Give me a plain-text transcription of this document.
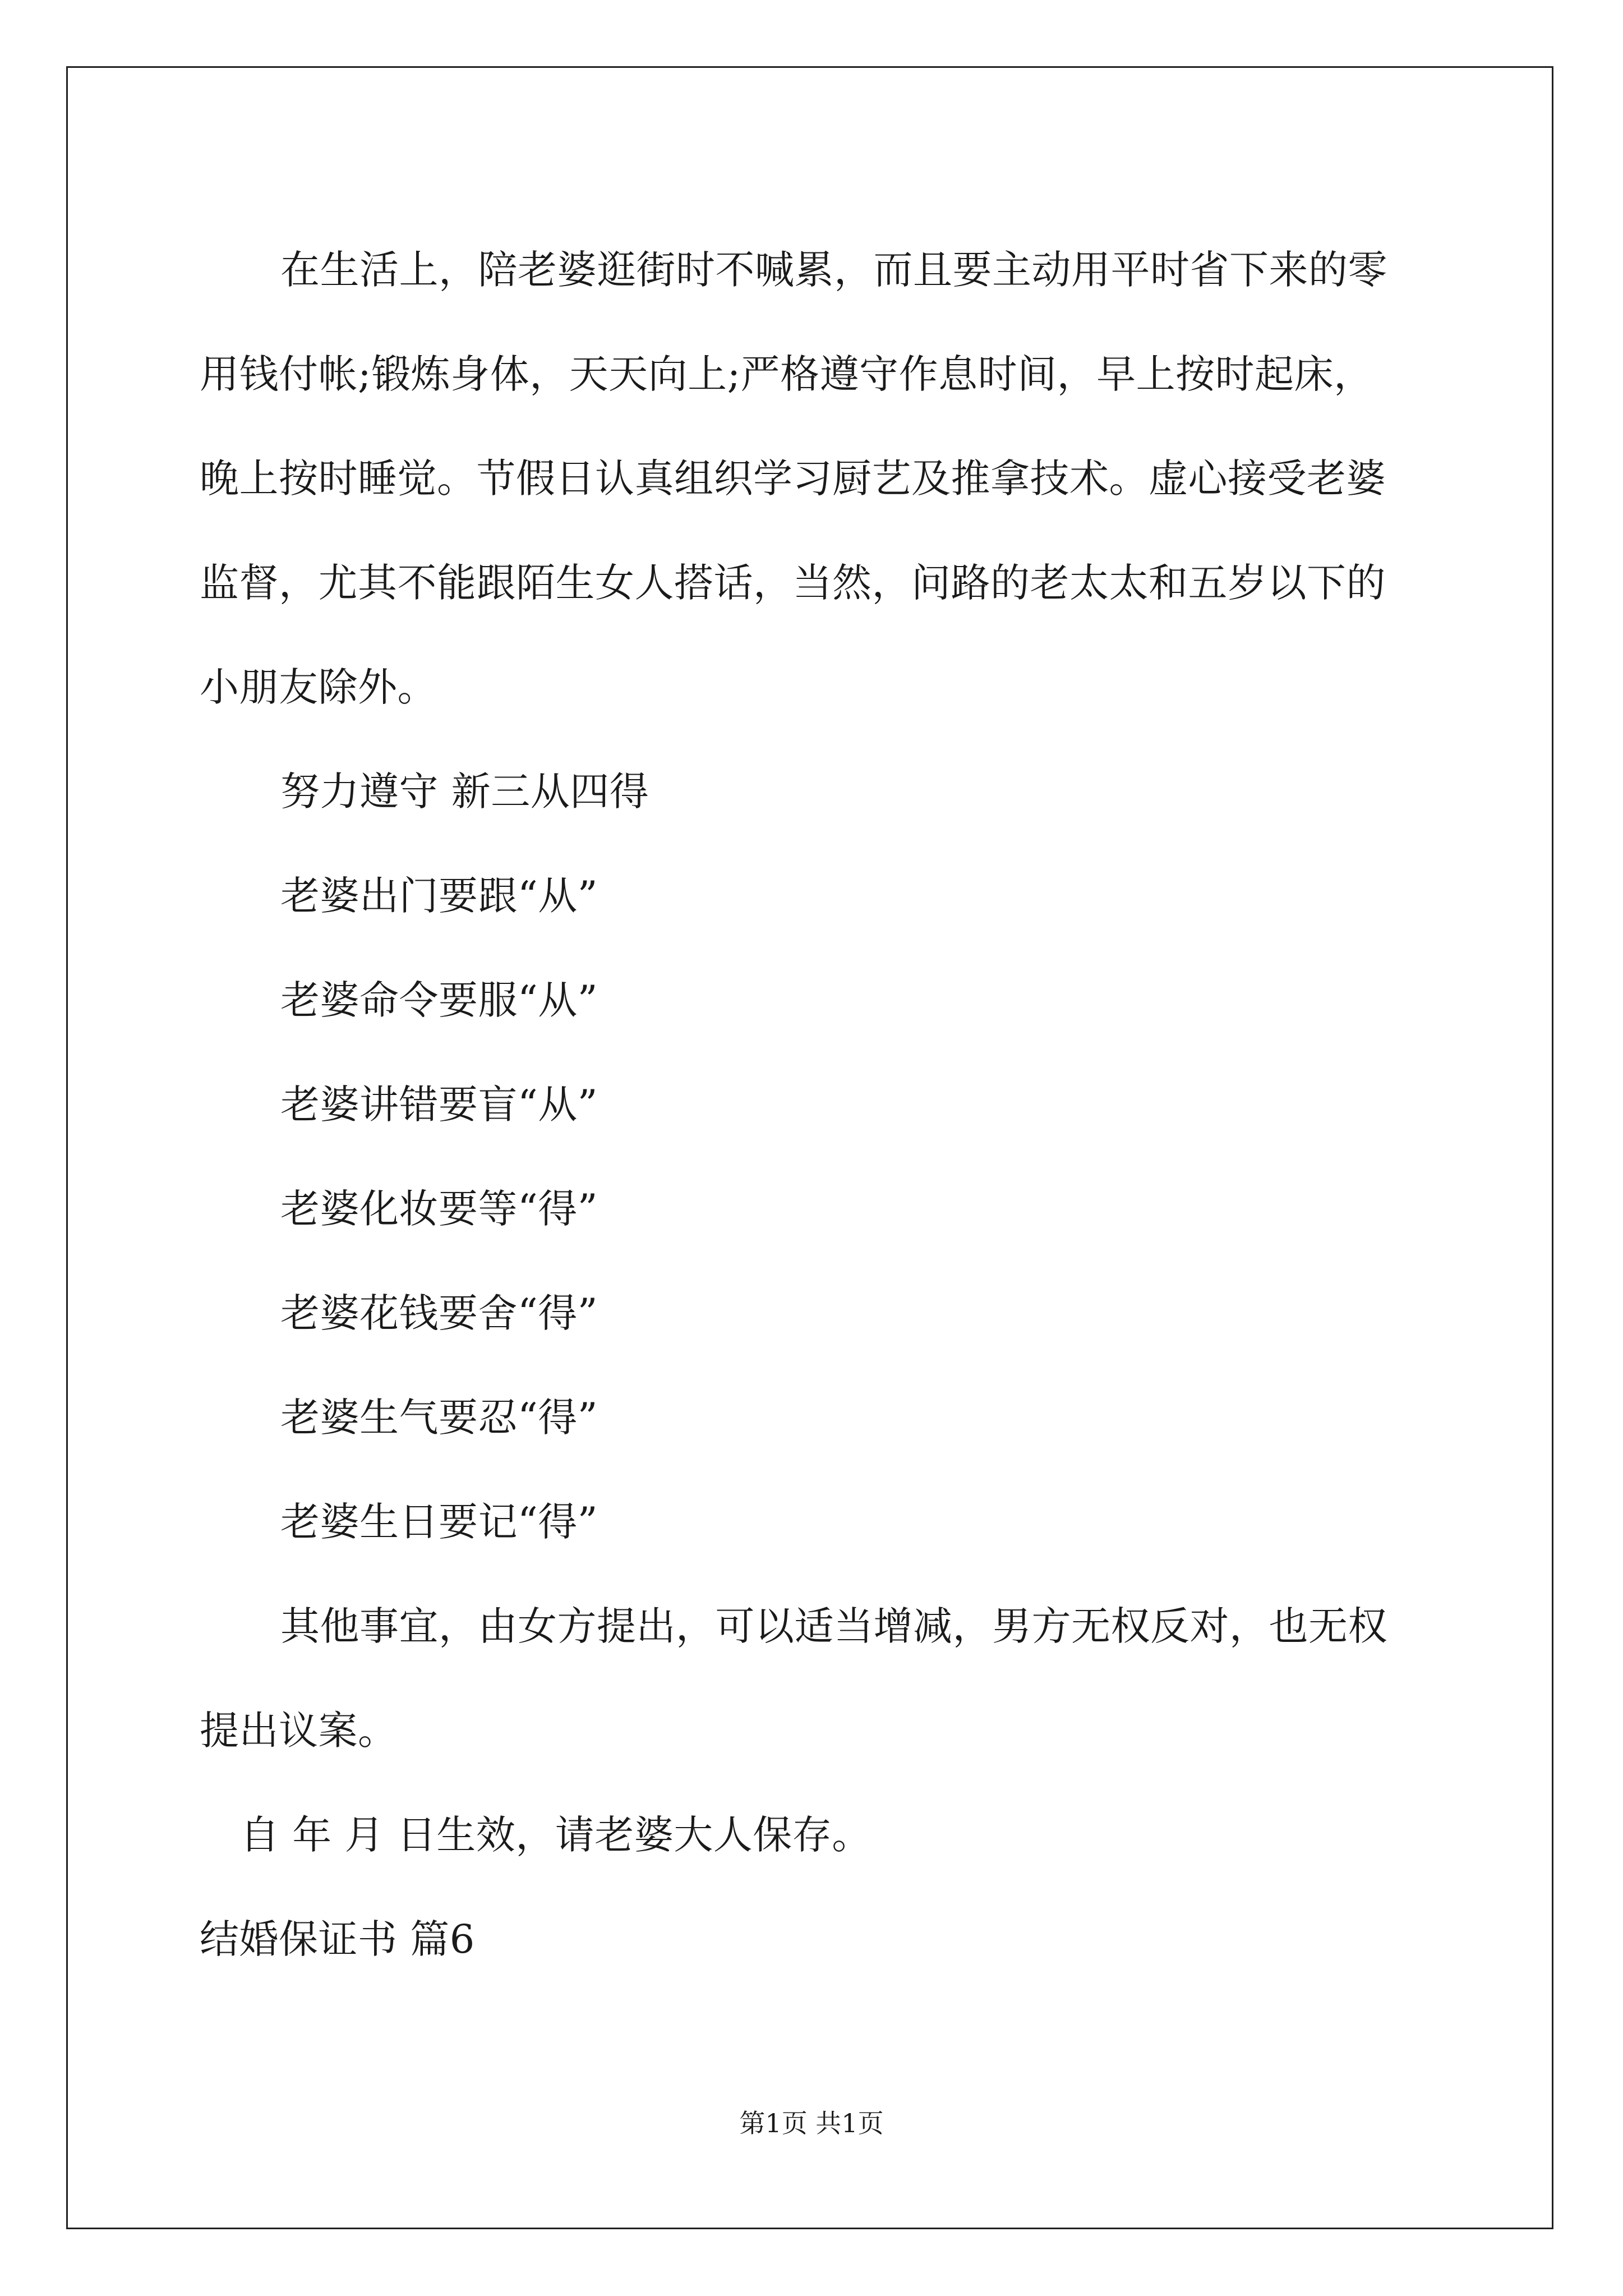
在生活上，陪老婆逛街时不喊累，而且要主动用平时省下来的零
用钱付帐;锻炼身体，天天向上;严格遵守作息时间，早上按时起床，
晚上按时睡觉。节假日认真组织学习厨艺及推拿技术。虚心接受老婆
监督，尤其不能跟陌生女人搭话，当然，问路的老太太和五岁以下的
小朋友除外。
努力遵守 新三从四得
老婆出门要跟“从”
老婆命令要服“从”
老婆讲错要盲“从”
老婆化妆要等“得”
老婆花钱要舍“得”
老婆生气要忍“得”
老婆生日要记“得”
其他事宜，由女方提出，可以适当增减，男方无权反对，也无权
提出议案。
自 年 月 日生效，请老婆大人保存。
结婚保证书 篇6
第1页 共1页
